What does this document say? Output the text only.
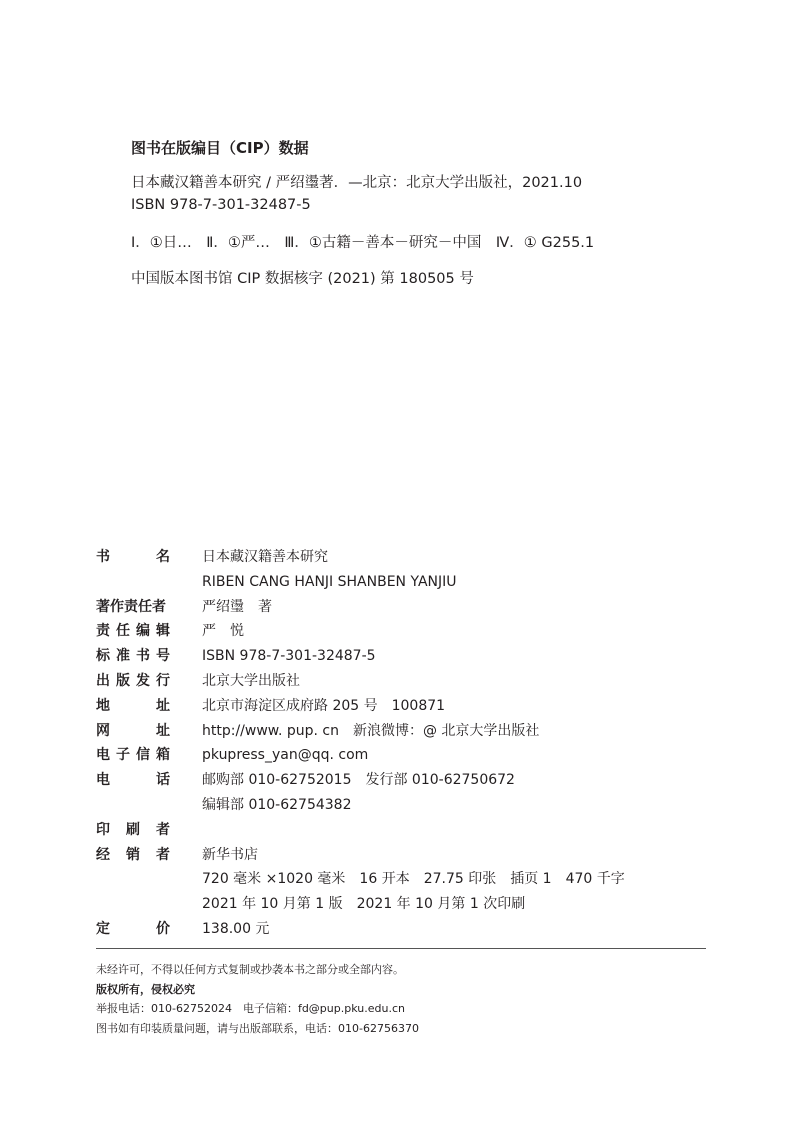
图书在版编目（CIP）数据
日本藏汉籍善本研究 / 严绍璗著．—北京：北京大学出版社，2021.10
ISBN 978-7-301-32487-5
Ⅰ．①日…　Ⅱ．①严…　Ⅲ．①古籍－善本－研究－中国　Ⅳ．① G255.1
中国版本图书馆 CIP 数据核字 (2021) 第 180505 号
书	名 日本藏汉籍善本研究
RIBEN CANG HANJI SHANBEN YANJIU
著作责任者	严绍璗　著
责 任 编 辑 严　悦
标 准 书 号 ISBN 978-7-301-32487-5
出 版 发 行 北京大学出版社
地	址 北京市海淀区成府路 205 号　100871
网	址 http://www. pup. cn　新浪微博：@ 北京大学出版社
电 子 信 箱 pkupress_yan@qq. com
电	话 邮购部 010-62752015　发行部 010-62750672
编辑部 010-62754382
印 刷 者
经 销 者 新华书店
720 毫米 ×1020 毫米　16 开本　27.75 印张　插页 1　470 千字
2021 年 10 月第 1 版　2021 年 10 月第 1 次印刷
定	价 138.00 元
未经许可，不得以任何方式复制或抄袭本书之部分或全部内容。
版权所有，侵权必究
举报电话：010-62752024　电子信箱：fd@pup.pku.edu.cn
图书如有印装质量问题，请与出版部联系，电话：010-62756370
